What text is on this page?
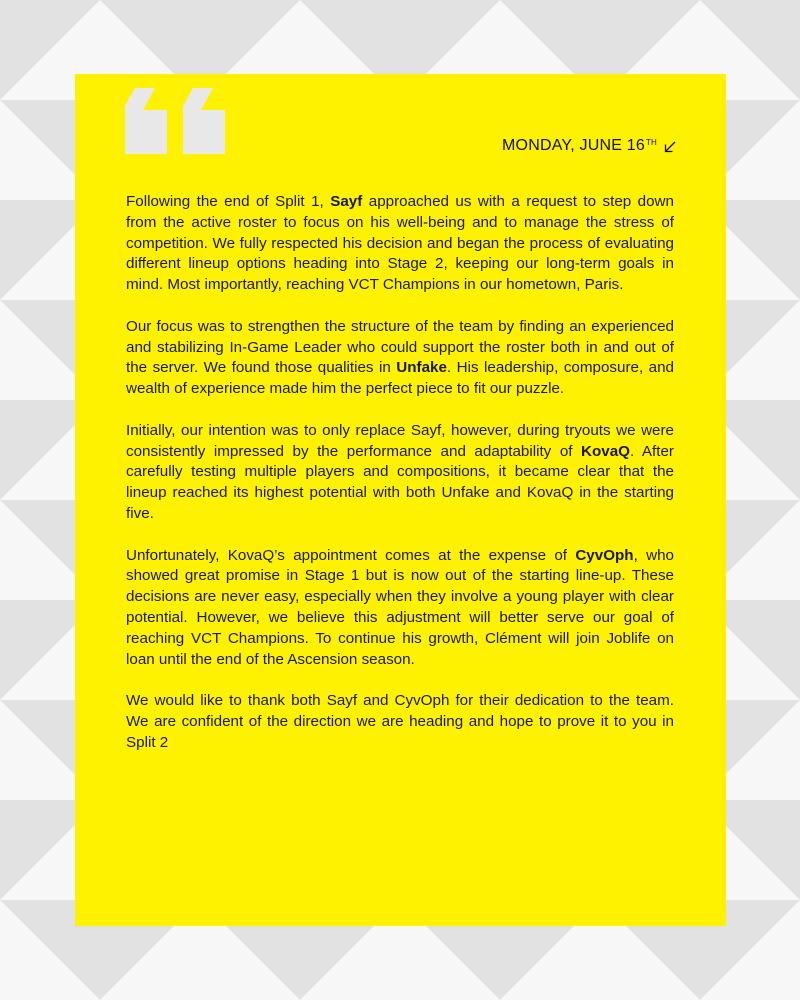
MONDAY, JUNE 16 TH

Following the end of Split 1, Sayf approached us with a request to step down from the active roster to focus on his well-being and to manage the stress of competition. We fully respected his decision and began the process of evaluating different lineup options heading into Stage 2, keeping our long-term goals in mind. Most importantly, reaching VCT Champions in our hometown, Paris.

Our focus was to strengthen the structure of the team by finding an experienced and stabilizing In-Game Leader who could support the roster both in and out of the server. We found those qualities in Unfake. His leadership, composure, and wealth of experience made him the perfect piece to fit our puzzle.

Initially, our intention was to only replace Sayf, however, during tryouts we were consistently impressed by the performance and adaptability of KovaQ. After carefully testing multiple players and compositions, it became clear that the lineup reached its highest potential with both Unfake and KovaQ in the starting five.

Unfortunately, KovaQ’s appointment comes at the expense of CyvOph, who showed great promise in Stage 1 but is now out of the starting line-up. These decisions are never easy, especially when they involve a young player with clear potential. However, we believe this adjustment will better serve our goal of reaching VCT Champions. To continue his growth, Clément will join Joblife on loan until the end of the Ascension season.

We would like to thank both Sayf and CyvOph for their dedication to the team. We are confident of the direction we are heading and hope to prove it to you in Split 2
